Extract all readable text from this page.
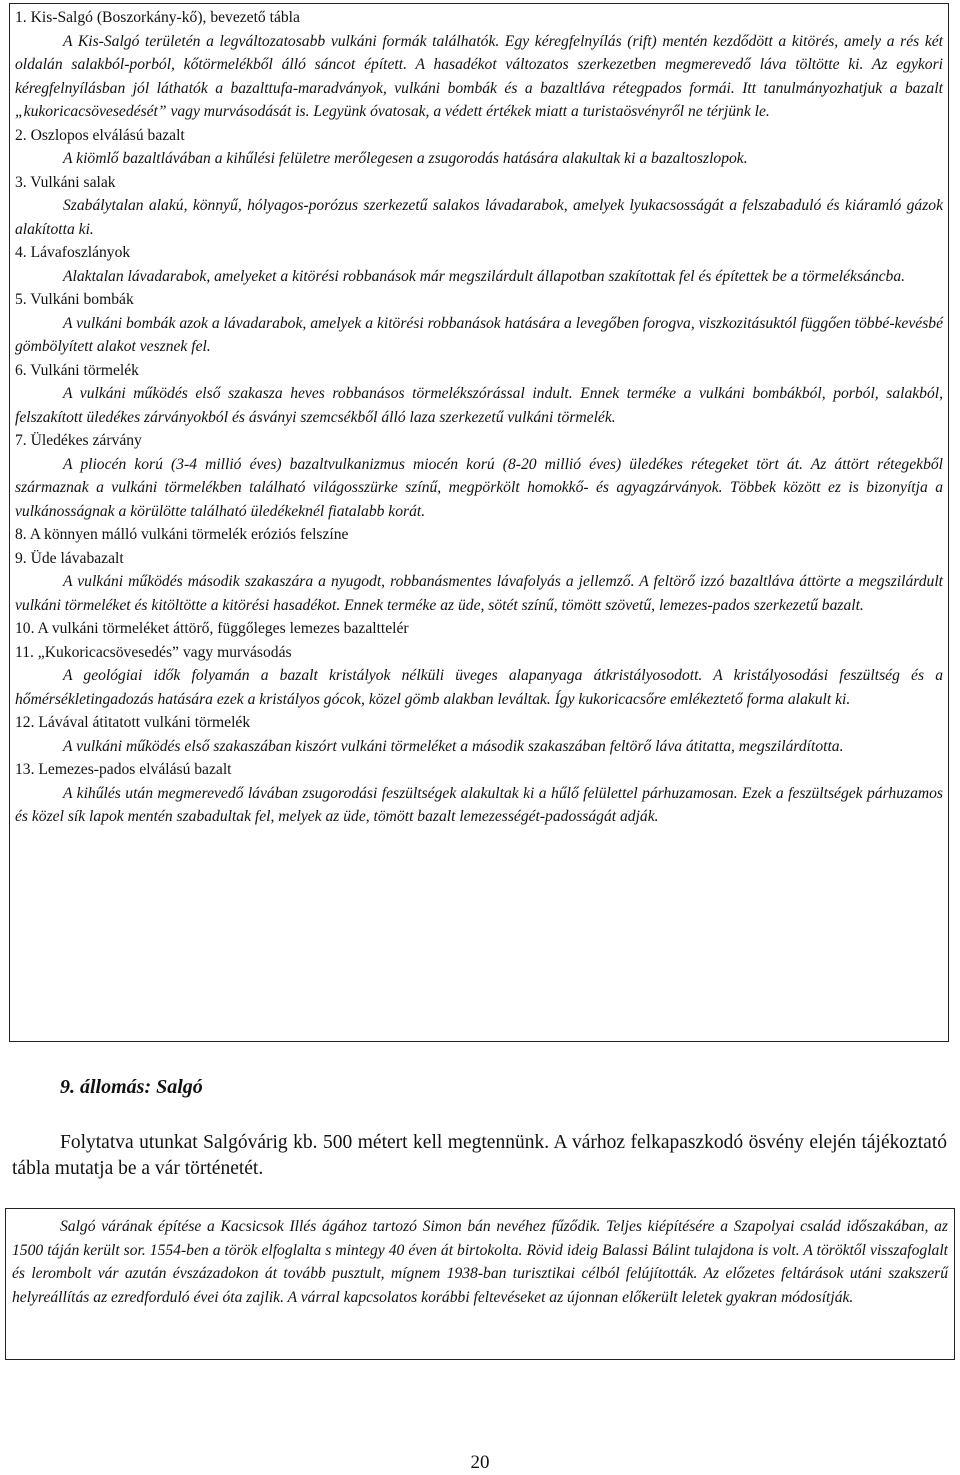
1. Kis-Salgó (Boszorkány-kő), bevezető tábla
A Kis-Salgó területén a legváltozatosabb vulkáni formák találhatók. Egy kéregfelnyílás (rift) mentén kezdődött a kitörés, amely a rés két oldalán salakból-porból, kőtörmelékből álló sáncot épített. A hasadékot változatos szerkezetben megmerevedő láva töltötte ki. Az egykori kéregfelnyílásban jól láthatók a bazalttufa-maradványok, vulkáni bombák és a bazaltláva rétegpados formái. Itt tanulmányozhatjuk a bazalt „kukoricacsövesedését” vagy murvásodását is. Legyünk óvatosak, a védett értékek miatt a turistaösvényről ne térjünk le.
2. Oszlopos elválású bazalt
A kiömlő bazaltlávában a kihűlési felületre merőlegesen a zsugorodás hatására alakultak ki a bazaltoszlopok.
3. Vulkáni salak
Szabálytalan alakú, könnyű, hólyagos-porózus szerkezetű salakos lávadarabok, amelyek lyukacsosságát a felszabaduló és kiáramló gázok alakította ki.
4. Lávafoszlányok
Alaktalan lávadarabok, amelyeket a kitörési robbanások már megszilárdult állapotban szakítottak fel és építettek be a törmeléksáncba.
5. Vulkáni bombák
A vulkáni bombák azok a lávadarabok, amelyek a kitörési robbanások hatására a levegőben forogva, viszkozitásuktól függően többé-kevésbé gömbölyített alakot vesznek fel.
6. Vulkáni törmelék
A vulkáni működés első szakasza heves robbanásos törmelékszórással indult. Ennek terméke a vulkáni bombákból, porból, salakból, felszakított üledékes zárványokból és ásványi szemcsékből álló laza szerkezetű vulkáni törmelék.
7. Üledékes zárvány
A pliocén korú (3-4 millió éves) bazaltvulkanizmus miocén korú (8-20 millió éves) üledékes rétegeket tört át. Az áttört rétegekből származnak a vulkáni törmelékben található világosszürke színű, megpörkölt homokkő- és agyagzárványok. Többek között ez is bizonyítja a vulkánosságnak a körülötte található üledékeknél fiatalabb korát.
8. A könnyen málló vulkáni törmelék eróziós felszíne
9. Üde lávabazalt
A vulkáni működés második szakaszára a nyugodt, robbanásmentes lávafolyás a jellemző. A feltörő izzó bazaltláva áttörte a megszilárdult vulkáni törmeléket és kitöltötte a kitörési hasadékot. Ennek terméke az üde, sötét színű, tömött szövetű, lemezes-pados szerkezetű bazalt.
10. A vulkáni törmeléket áttörő, függőleges lemezes bazalttelér
11. „Kukoricacsövesedés” vagy murvásodás
A geológiai idők folyamán a bazalt kristályok nélküli üveges alapanyaga átkristályosodott. A kristályosodási feszültség és a hőmérsékletingadozás hatására ezek a kristályos gócok, közel gömb alakban leváltak. Így kukoricacsőre emlékeztető forma alakult ki.
12. Lávával átitatott vulkáni törmelék
A vulkáni működés első szakaszában kiszórt vulkáni törmeléket a második szakaszában feltörő láva átitatta, megszilárdította.
13. Lemezes-pados elválású bazalt
A kihűlés után megmerevedő lávában zsugorodási feszültségek alakultak ki a hűlő felülettel párhuzamosan. Ezek a feszültségek párhuzamos és közel sík lapok mentén szabadultak fel, melyek az üde, tömött bazalt lemezességét-padosságát adják.
9. állomás: Salgó
Folytatva utunkat Salgóvárig kb. 500 métert kell megtennünk. A várhoz felkapaszkodó ösvény elején tájékoztató tábla mutatja be a vár történetét.
Salgó várának építése a Kacsicsok Illés ágához tartozó Simon bán nevéhez fűződik. Teljes kiépítésére a Szapolyai család időszakában, az 1500 táján került sor. 1554-ben a török elfoglalta s mintegy 40 éven át birtokolta. Rövid ideig Balassi Bálint tulajdona is volt. A töröktől visszafoglalt és lerombolt vár azután évszázadokon át tovább pusztult, mígnem 1938-ban turisztikai célból felújították. Az előzetes feltárások utáni szakszerű helyreállítás az ezredforduló évei óta zajlik. A várral kapcsolatos korábbi feltevéseket az újonnan előkerült leletek gyakran módosítják.
20
